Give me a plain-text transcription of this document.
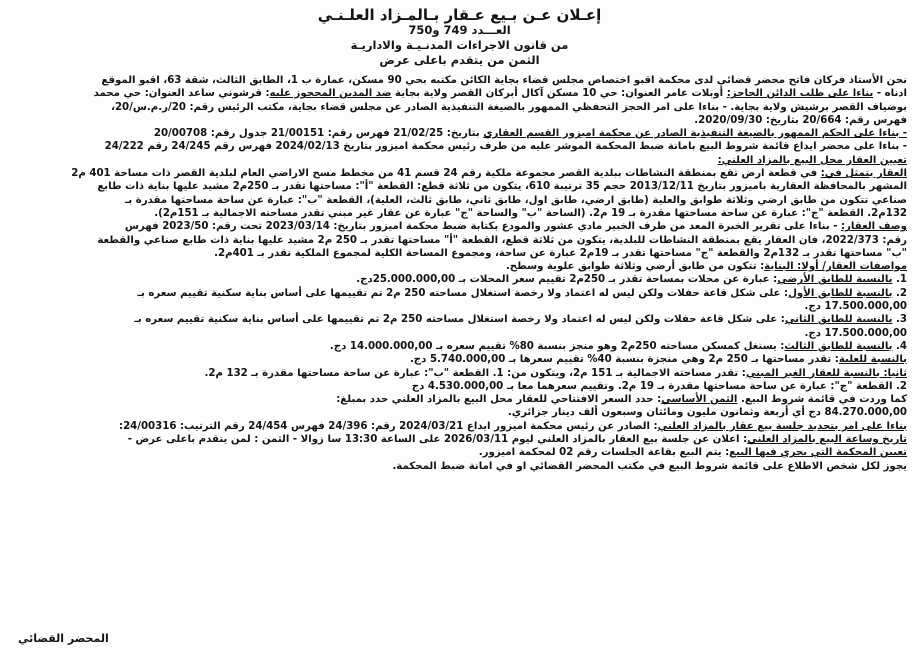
إعـلان عـن بـيع عـقار بـالمـزاد العلـنـي
العـــدد 749 و750
من قانون الاجراءات المدنـيـة والاداريـة
الثمن من يتقدم باعلى عرض

نحن الأستاذ فركان فاتح محضر قضائي لدى محكمة اقبو اختصاص مجلس قضاء بجاية الكائن مكتبه بحي 90 مسكن، عمارة ب 1، الطابق الثالث، شقة 63، اقبو الموقع

ادناه - بناءا على طلب الدائن الحاجز: أوبلات عامر العنوان: حي 10 مسكن آكال أبركان القصر ولاية بجاية ضد المدين المحجوز عليه: قرشوني ساعد العنوان: حي محمد

بوضياف القصر برشيش ولاية بجاية. - بناءا على امر الحجز التحفظي الممهور بالصيغة التنفيذية الصادر عن مجلس قضاء بجاية، مكتب الرئيس رقم: 20/ر.م.س/20،

فهرس رقم: 20/664 بتاريخ: 2020/09/30.

- بناءا على الحكم الممهور بالصيغة التنفيذية الصادر عن محكمة اميزور القسم العقاري بتاريخ: 21/02/25 فهرس رقم: 21/00151 جدول رقم: 20/00708

- بناءا على محضر ايداع قائمة شروط البيع بامانة ضبط المحكمة الموشر عليه من طرف رئيس محكمة اميزور بتاريخ 2024/02/13 فهرس رقم 24/245 رقم 24/222

تعيين العقار محل البيع بالمزاد العلني:

العقار يتمثل في: في قطعة ارض تقع بمنطقة النشاطات ببلدية القصر مجموعة ملكية رقم 24 قسم 41 من مخطط مسح الاراضي العام لبلدية القصر ذات مساحة 401 م2

المشهر بالمحافظة العقارية باميزور بتاريخ 2013/12/11 حجم 35 ترتيبة 610، يتكون من ثلاثة قطع: القطعة "أ": مساحتها تقدر بـ 250م2 مشيد عليها بناية ذات طابع

صناعي تتكون من طابق ارضي وثلاثة طوابق والعلية (طابق ارضي، طابق اول، طابق ثاني، طابق ثالث، العلية)، القطعة "ب": عبارة عن ساحة مساحتها مقدرة بـ

132م2. القطعة "ج": عبارة عن ساحة مساحتها مقدرة بـ 19 م2. (الساحة "ب" والساحة "ج" عبارة عن عقار غير مبني تقدر مساحته الاجمالية بـ 151م2).

وصف العقار: - بناءا على تقرير الخبرة المعد من طرف الخبير مادي عشور والمودع بكتابة ضبط محكمة اميزور بتاريخ: 2023/03/14 تحت رقم: 2023/50 فهرس

رقم: 2022/373، فان العقار يقع بمنطقة النشاطات للبلدية، يتكون من ثلاثة قطع، القطعة "أ" مساحتها تقدر بـ 250 م2 مشيد عليها بناية ذات طابع صناعي والقطعة

"ب" مساحتها تقدر بـ 132م2 والقطعة "ج" مساحتها تقدر بـ 19م2 عبارة عن ساحة، ومجموع المساحة الكلية لمجموع الملكية تقدر بـ 401م2.

مواصفات العقار/ أولا: البناية: تتكون من طابق أرضي وثلاثة طوابق علوية وسطح.

1. بالنسبة للطابق الأرضي: عبارة عن محلات بمساحة تقدر بـ 250م2 تقييم سعر المحلات بـ 25.000.000,00دج.

2. بالنسبة للطابق الأول: على شكل قاعة حفلات ولكن ليس له اعتماد ولا رخصة استغلال مساحته 250 م2 تم تقييمها على أساس بناية سكنية تقييم سعره بـ

17.500.000,00 دج.

3. بالنسبة للطابق الثاني: على شكل قاعة حفلات ولكن ليس له اعتماد ولا رخصة استغلال مساحته 250 م2 تم تقييمها على أساس بناية سكنية تقييم سعره بـ

17.500.000,00 دج.

4. بالنسبة للطابق الثالث: يستغل كمسكن مساحته 250م2 وهو منجز بنسبة 80% تقييم سعره بـ 14.000.000,00 دج.

بالنسبة للعلية: تقدر مساحتها بـ 250 م2 وهي منجزة بنسبة 40% تقييم سعرها بـ 5.740.000,00 دج.

ثانيا: بالنسبة للعقار الغير المبني: تقدر مساحته الاجمالية بـ 151 م2، ويتكون من: 1. القطعة "ب": عبارة عن ساحة مساحتها مقدرة بـ 132 م2.

2. القطعة "ج": عبارة عن ساحة مساحتها مقدرة بـ 19 م2. وتقييم سعرهما معا بـ 4.530.000,00 دج

كما وردت في قائمة شروط البيع. الثمن الأساسي: حدد السعر الافتتاحي للعقار محل البيع بالمزاد العلني حدد بمبلغ:

84.270.000,00 دج أي أربعة وثمانون مليون ومائتان وسبعون ألف دينار جزائري.

بناءا على امر بتحديد جلسة بيع عقار بالمزاد العلني: الصادر عن رئيس محكمة اميزور ايداع 2024/03/21 رقم: 24/396 فهرس 24/454 رقم الترتيب: 24/00316:

تاريخ وساعة البيع بالمزاد العلني: اعلان عن جلسة بيع العقار بالمزاد العلني ليوم 2026/03/11 على الساعة 13:30 سا زوالا - الثمن : لمن يتقدم باعلى عرض -

تعيين المحكمة التي يجري فيها البيع: يتم البيع بقاعة الجلسات رقم 02 لمحكمة اميزور.

يجوز لكل شخص الاطلاع على قائمة شروط البيع في مكتب المحضر القضائي او في امانة ضبط المحكمة.

المحضر القضائي
